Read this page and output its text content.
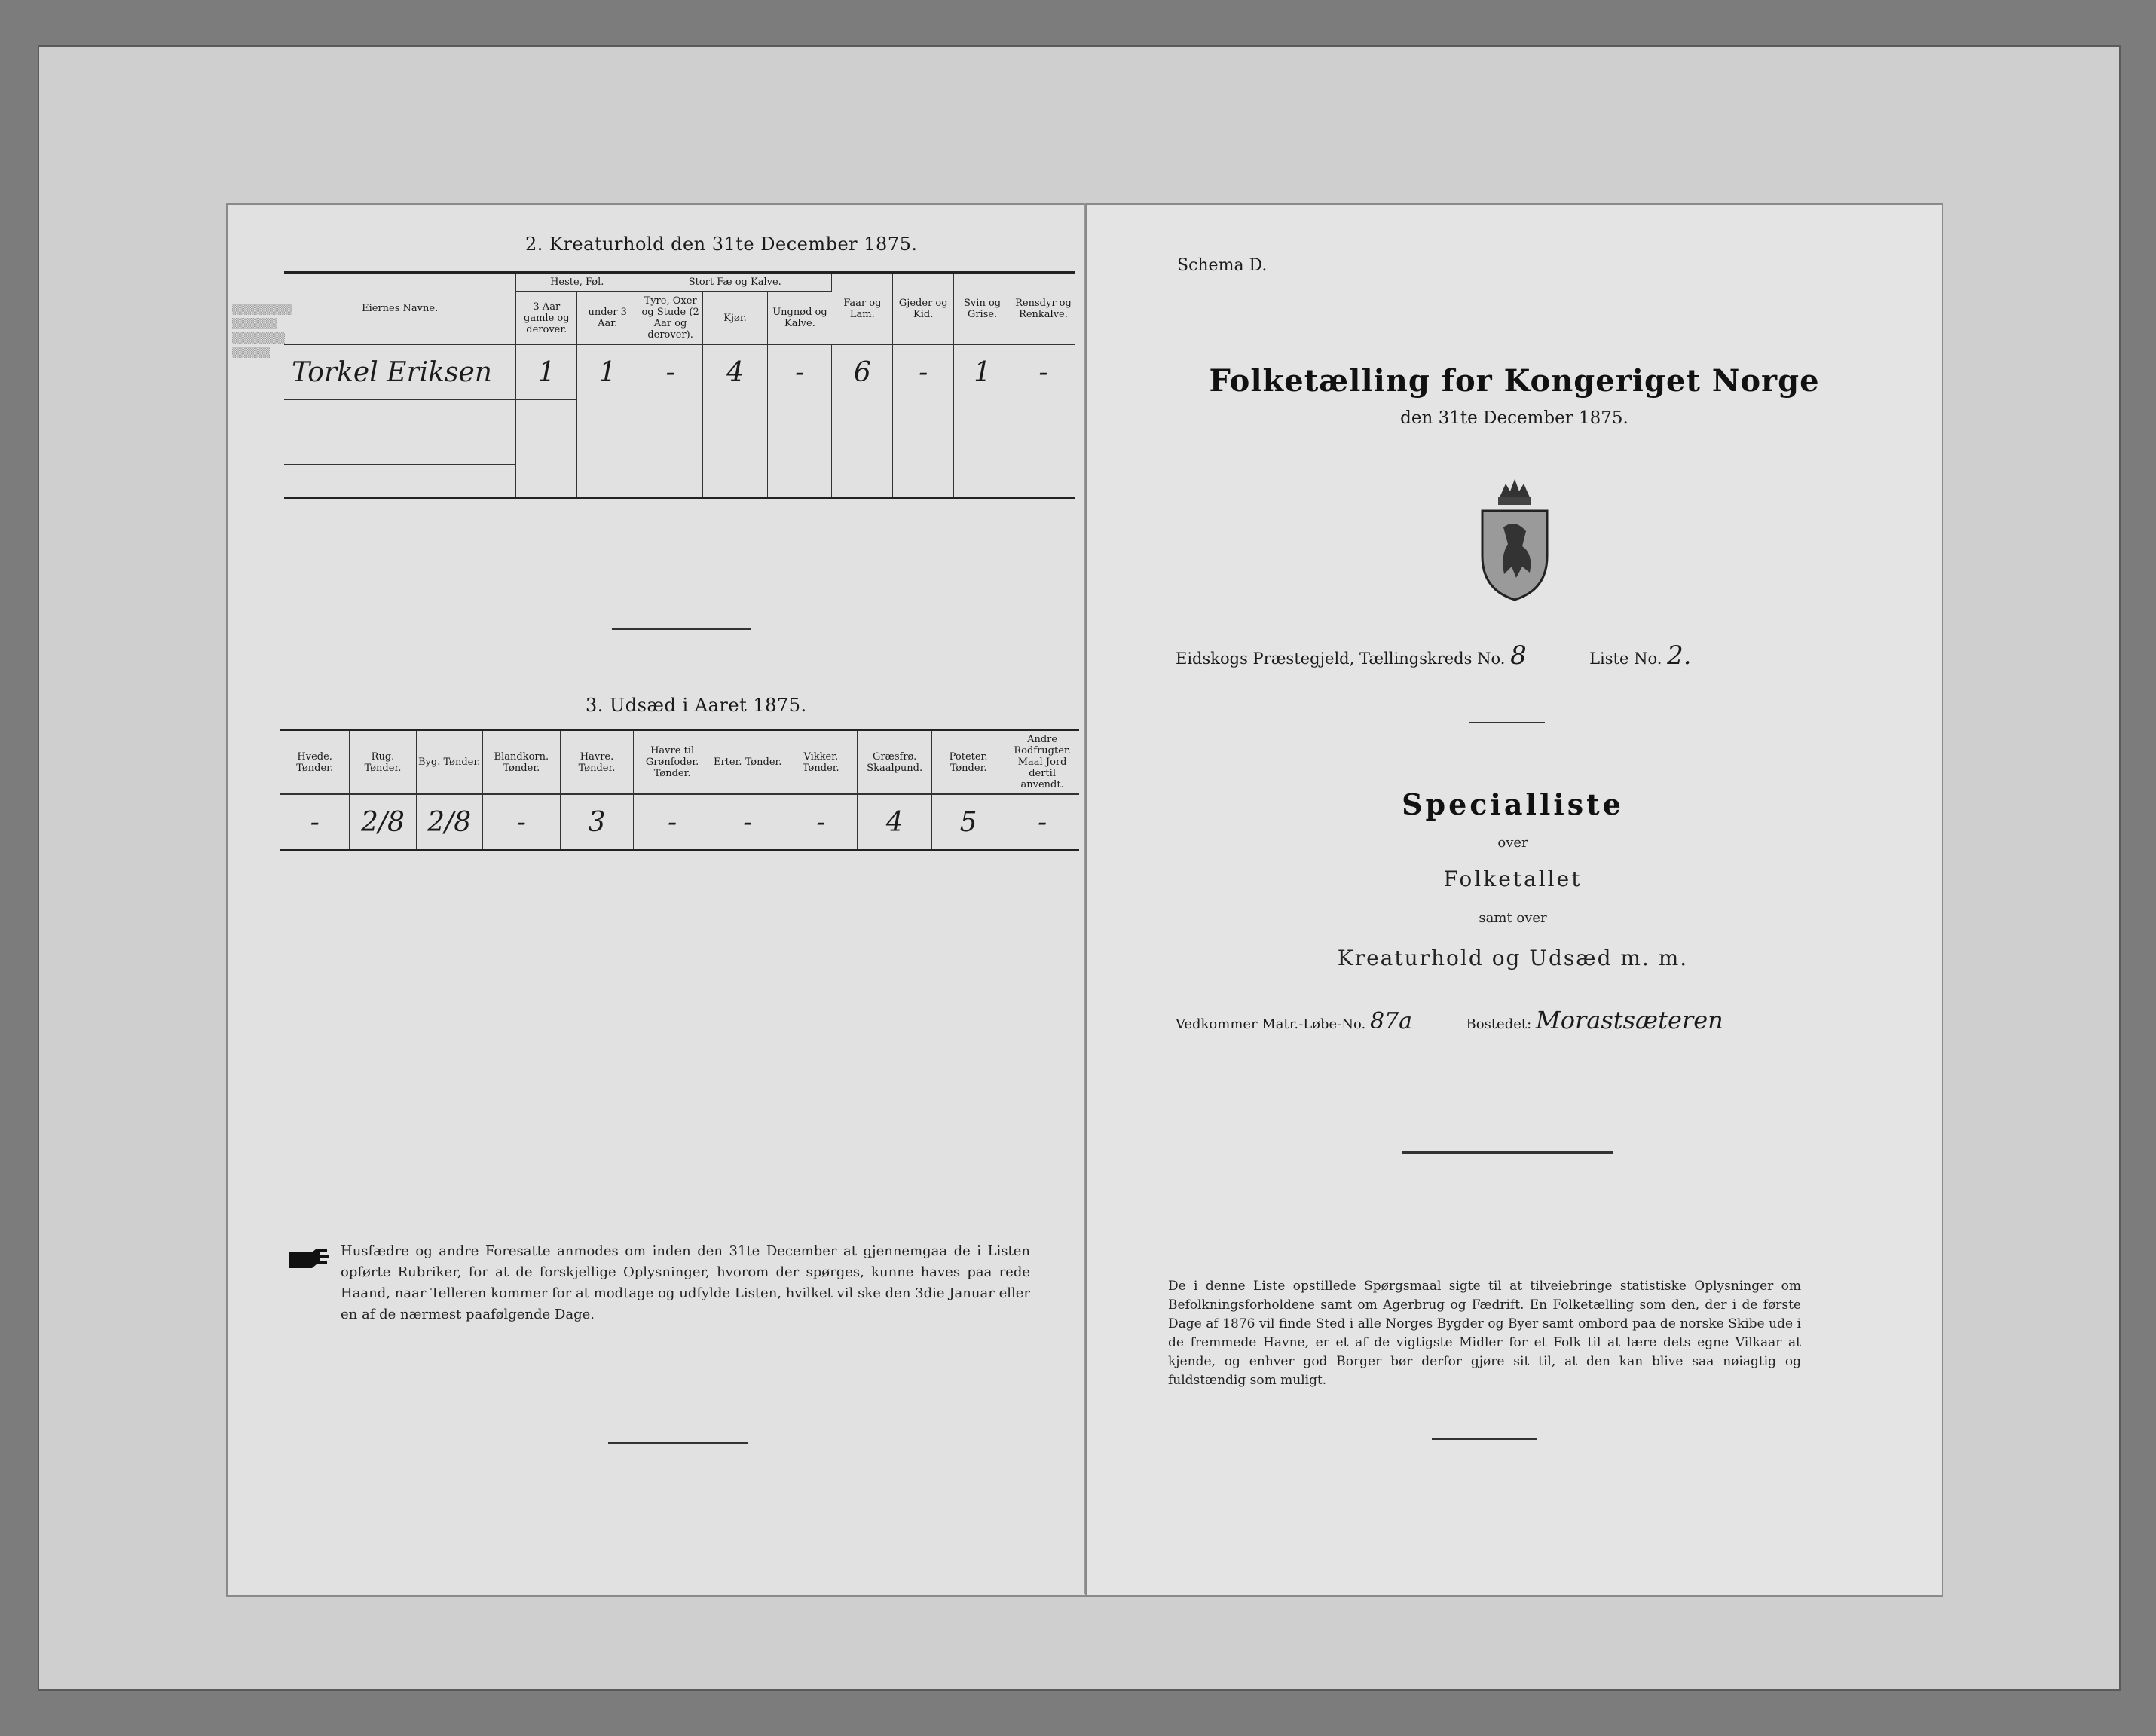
▒▒▒▒▒▒▒▒
▒▒▒▒▒▒
▒▒▒▒▒▒▒
▒▒▒▒▒
2. Kreaturhold den 31te December 1875.
Eiernes Navne.	Heste, Føl.		Stort Fæ og Kalve.			Faar og Lam.	Gjeder og Kid.	Svin og Grise.	Rensdyr og Renkalve.
	3 Aar gamle og derover.	under 3 Aar.	Tyre, Oxer og Stude (2 Aar og derover).	Kjør.	Ungnød og Kalve.				
Torkel Eriksen	1	1	-	4	-	6	-	1	-

3. Udsæd i Aaret 1875.
Hvede. Tønder.	Rug. Tønder.	Byg. Tønder.	Blandkorn. Tønder.	Havre. Tønder.	Havre til Grønfoder. Tønder.	Erter. Tønder.	Vikker. Tønder.	Græsfrø. Skaalpund.	Poteter. Tønder.	Andre Rodfrugter. Maal Jord dertil anvendt.
-	2/8	2/8	-	3	-	-	-	4	5	-
Husfædre og andre Foresatte anmodes om inden den 31te December at gjennemgaa de i Listen opførte Rubriker, for at de forskjellige Oplysninger, hvorom der spørges, kunne haves paa rede Haand, naar Telleren kommer for at modtage og udfylde Listen, hvilket vil ske den 3die Januar eller en af de nærmest paafølgende Dage.
Schema D.
Folketælling for Kongeriget Norge
den 31te December 1875.
Eidskogs Præstegjeld, Tællingskreds No. 8	Liste No. 2.
Specialliste
over
Folketallet
samt over
Kreaturhold og Udsæd m. m.
Vedkommer Matr.-Løbe-No. 87a	Bostedet: Morastsæteren
De i denne Liste opstillede Spørgsmaal sigte til at tilveiebringe statistiske Oplysninger om Befolkningsforholdene samt om Agerbrug og Fædrift. En Folketælling som den, der i de første Dage af 1876 vil finde Sted i alle Norges Bygder og Byer samt ombord paa de norske Skibe ude i de fremmede Havne, er et af de vigtigste Midler for et Folk til at lære dets egne Vilkaar at kjende, og enhver god Borger bør derfor gjøre sit til, at den kan blive saa nøiagtig og fuldstændig som muligt.
